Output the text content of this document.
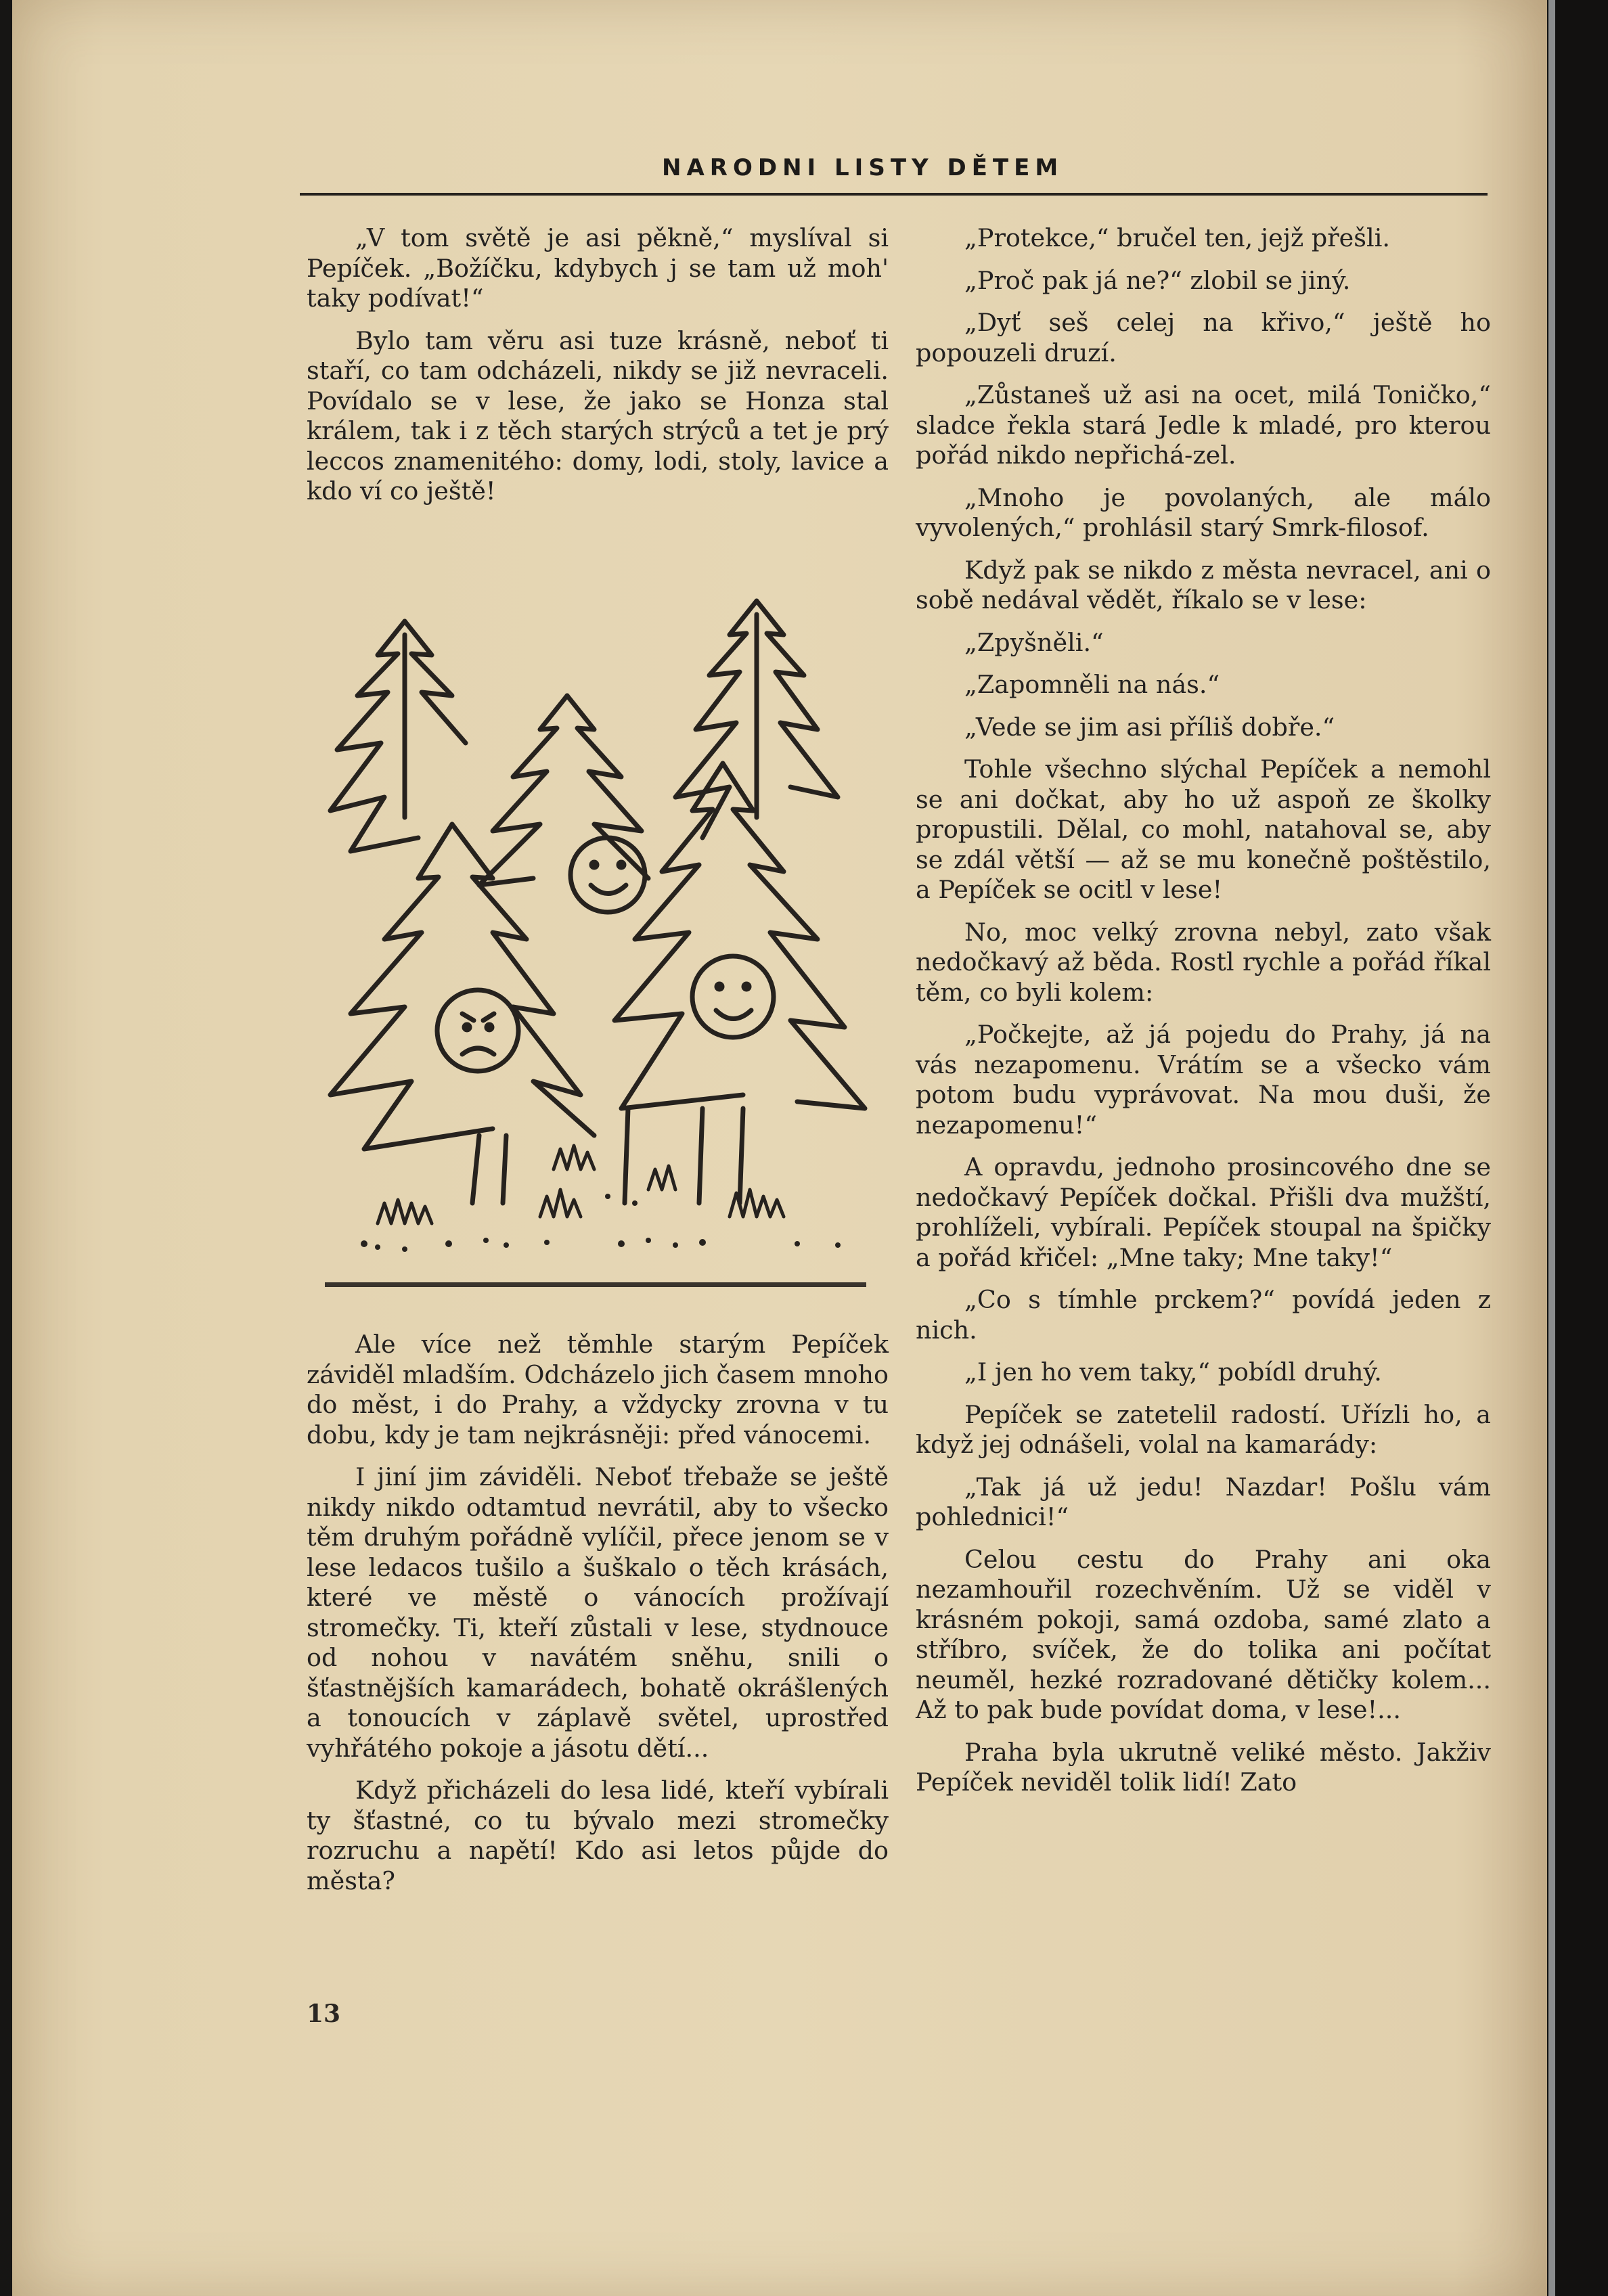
NARODNI LISTY DĚTEM

„V tom světě je asi pěkně,“ myslíval si Pepíček. „Božíčku, kdybych j se tam už moh' taky podívat!“

Bylo tam věru asi tuze krásně, neboť ti staří, co tam odcházeli, nikdy se již nevraceli. Povídalo se v lese, že jako se Honza stal králem, tak i z těch starých strýců a tet je prý leccos znamenitého: domy, lodi, stoly, lavice a kdo ví co ještě!

Ale více než těmhle starým Pepíček záviděl mladším. Odcházelo jich časem mnoho do měst, i do Prahy, a vždycky zrovna v tu dobu, kdy je tam nejkrásněji: před vánocemi.

I jiní jim záviděli. Neboť třebaže se ještě nikdy nikdo odtamtud nevrátil, aby to všecko těm druhým pořádně vylíčil, přece jenom se v lese ledacos tušilo a šuškalo o těch krásách, které ve městě o vánocích prožívají stromečky. Ti, kteří zůstali v lese, stydnouce od nohou v navátém sněhu, snili o šťastnějších kamarádech, bohatě okrášlených a tonoucích v záplavě světel, uprostřed vyhřátého pokoje a jásotu dětí...

Když přicházeli do lesa lidé, kteří vybírali ty šťastné, co tu bývalo mezi stromečky rozruchu a napětí! Kdo asi letos půjde do města?

13

„Protekce,“ bručel ten, jejž přešli.

„Proč pak já ne?“ zlobil se jiný.

„Dyť seš celej na křivo,“ ještě ho popouzeli druzí.

„Zůstaneš už asi na ocet, milá Toničko,“ sladce řekla stará Jedle k mladé, pro kterou pořád nikdo nepřichá-zel.

„Mnoho je povolaných, ale málo vyvolených,“ prohlásil starý Smrk-filosof.

Když pak se nikdo z města nevracel, ani o sobě nedával vědět, říkalo se v lese:

„Zpyšněli.“

„Zapomněli na nás.“

„Vede se jim asi příliš dobře.“

Tohle všechno slýchal Pepíček a nemohl se ani dočkat, aby ho už aspoň ze školky propustili. Dělal, co mohl, natahoval se, aby se zdál větší — až se mu konečně poštěstilo, a Pepíček se ocitl v lese!

No, moc velký zrovna nebyl, zato však nedočkavý až běda. Rostl rychle a pořád říkal těm, co byli kolem:

„Počkejte, až já pojedu do Prahy, já na vás nezapomenu. Vrátím se a všecko vám potom budu vyprávovat. Na mou duši, že nezapomenu!“

A opravdu, jednoho prosincového dne se nedočkavý Pepíček dočkal. Přišli dva mužští, prohlíželi, vybírali. Pepíček stoupal na špičky a pořád křičel: „Mne taky; Mne taky!“

„Co s tímhle prckem?“ povídá jeden z nich.

„I jen ho vem taky,“ pobídl druhý.

Pepíček se zatetelil radostí. Uřízli ho, a když jej odnášeli, volal na kamarády:

„Tak já už jedu! Nazdar! Pošlu vám pohlednici!“

Celou cestu do Prahy ani oka nezamhouřil rozechvěním. Už se viděl v krásném pokoji, samá ozdoba, samé zlato a stříbro, svíček, že do tolika ani počítat neuměl, hezké rozradované dětičky kolem... Až to pak bude povídat doma, v lese!...

Praha byla ukrutně veliké město. Jakživ Pepíček neviděl tolik lidí! Zato
